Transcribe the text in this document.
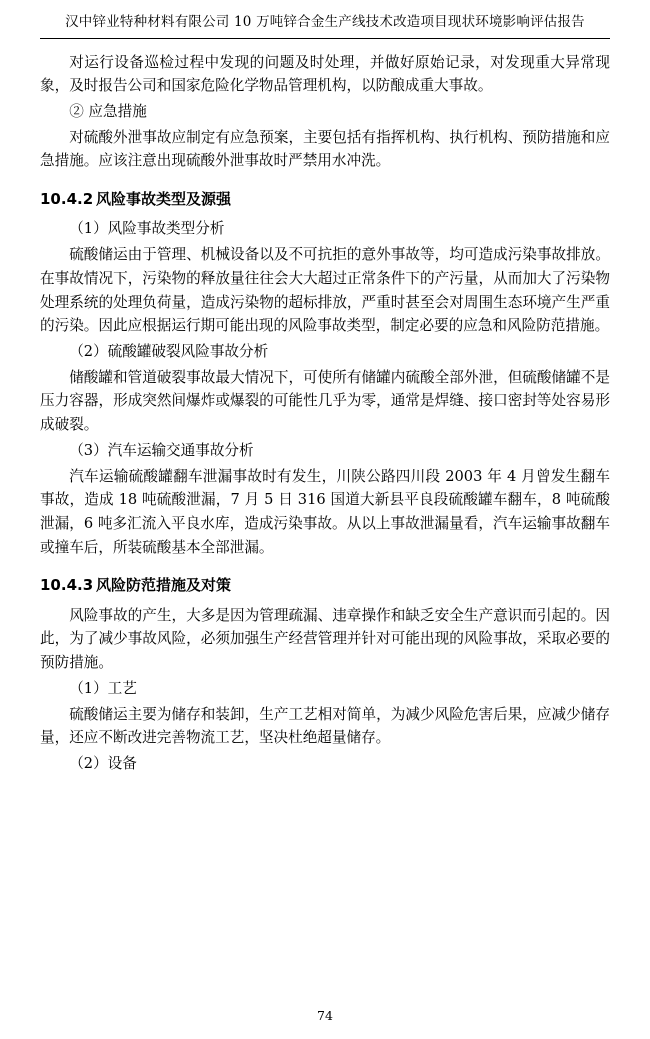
汉中锌业特种材料有限公司 10 万吨锌合金生产线技术改造项目现状环境影响评估报告

对运行设备巡检过程中发现的问题及时处理，并做好原始记录，对发现重大异常现象，及时报告公司和国家危险化学物品管理机构，以防酿成重大事故。

② 应急措施

对硫酸外泄事故应制定有应急预案，主要包括有指挥机构、执行机构、预防措施和应急措施。应该注意出现硫酸外泄事故时严禁用水冲洗。

10.4.2 风险事故类型及源强

（1）风险事故类型分析

硫酸储运由于管理、机械设备以及不可抗拒的意外事故等，均可造成污染事故排放。在事故情况下，污染物的释放量往往会大大超过正常条件下的产污量，从而加大了污染物处理系统的处理负荷量，造成污染物的超标排放，严重时甚至会对周围生态环境产生严重的污染。因此应根据运行期可能出现的风险事故类型，制定必要的应急和风险防范措施。

（2）硫酸罐破裂风险事故分析

储酸罐和管道破裂事故最大情况下，可使所有储罐内硫酸全部外泄，但硫酸储罐不是压力容器，形成突然间爆炸或爆裂的可能性几乎为零，通常是焊缝、接口密封等处容易形成破裂。

（3）汽车运输交通事故分析

汽车运输硫酸罐翻车泄漏事故时有发生，川陕公路四川段 2003 年 4 月曾发生翻车事故，造成 18 吨硫酸泄漏，7 月 5 日 316 国道大新县平良段硫酸罐车翻车，8 吨硫酸泄漏，6 吨多汇流入平良水库，造成污染事故。从以上事故泄漏量看，汽车运输事故翻车或撞车后，所装硫酸基本全部泄漏。

10.4.3 风险防范措施及对策

风险事故的产生，大多是因为管理疏漏、违章操作和缺乏安全生产意识而引起的。因此，为了减少事故风险，必须加强生产经营管理并针对可能出现的风险事故，采取必要的预防措施。

（1）工艺

硫酸储运主要为储存和装卸，生产工艺相对简单，为减少风险危害后果，应减少储存量，还应不断改进完善物流工艺，坚决杜绝超量储存。

（2）设备

74
